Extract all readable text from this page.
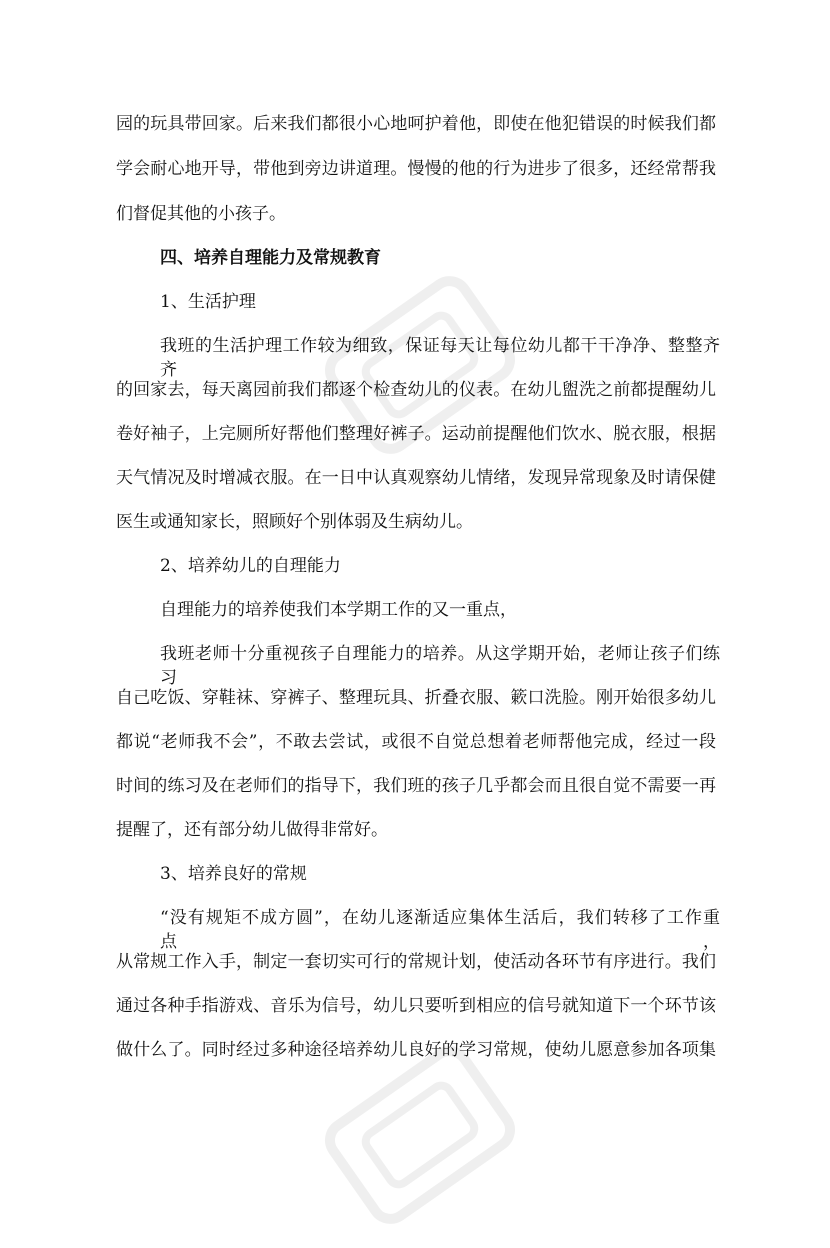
园的玩具带回家。后来我们都很小心地呵护着他，即使在他犯错误的时候我们都
学会耐心地开导，带他到旁边讲道理。慢慢的他的行为进步了很多，还经常帮我
们督促其他的小孩子。
四、培养自理能力及常规教育
1、生活护理
我班的生活护理工作较为细致，保证每天让每位幼儿都干干净净、整整齐齐
的回家去，每天离园前我们都逐个检查幼儿的仪表。在幼儿盥洗之前都提醒幼儿
卷好袖子，上完厕所好帮他们整理好裤子。运动前提醒他们饮水、脱衣服，根据
天气情况及时增减衣服。在一日中认真观察幼儿情绪，发现异常现象及时请保健
医生或通知家长，照顾好个别体弱及生病幼儿。
2、培养幼儿的自理能力
自理能力的培养使我们本学期工作的又一重点，
我班老师十分重视孩子自理能力的培养。从这学期开始，老师让孩子们练习
自己吃饭、穿鞋袜、穿裤子、整理玩具、折叠衣服、簌口洗脸。刚开始很多幼儿
都说“老师我不会”，不敢去尝试，或很不自觉总想着老师帮他完成，经过一段
时间的练习及在老师们的指导下，我们班的孩子几乎都会而且很自觉不需要一再
提醒了，还有部分幼儿做得非常好。
3、培养良好的常规
“没有规矩不成方圆”，在幼儿逐渐适应集体生活后，我们转移了工作重点，
从常规工作入手，制定一套切实可行的常规计划，使活动各环节有序进行。我们
通过各种手指游戏、音乐为信号，幼儿只要听到相应的信号就知道下一个环节该
做什么了。同时经过多种途径培养幼儿良好的学习常规，使幼儿愿意参加各项集
